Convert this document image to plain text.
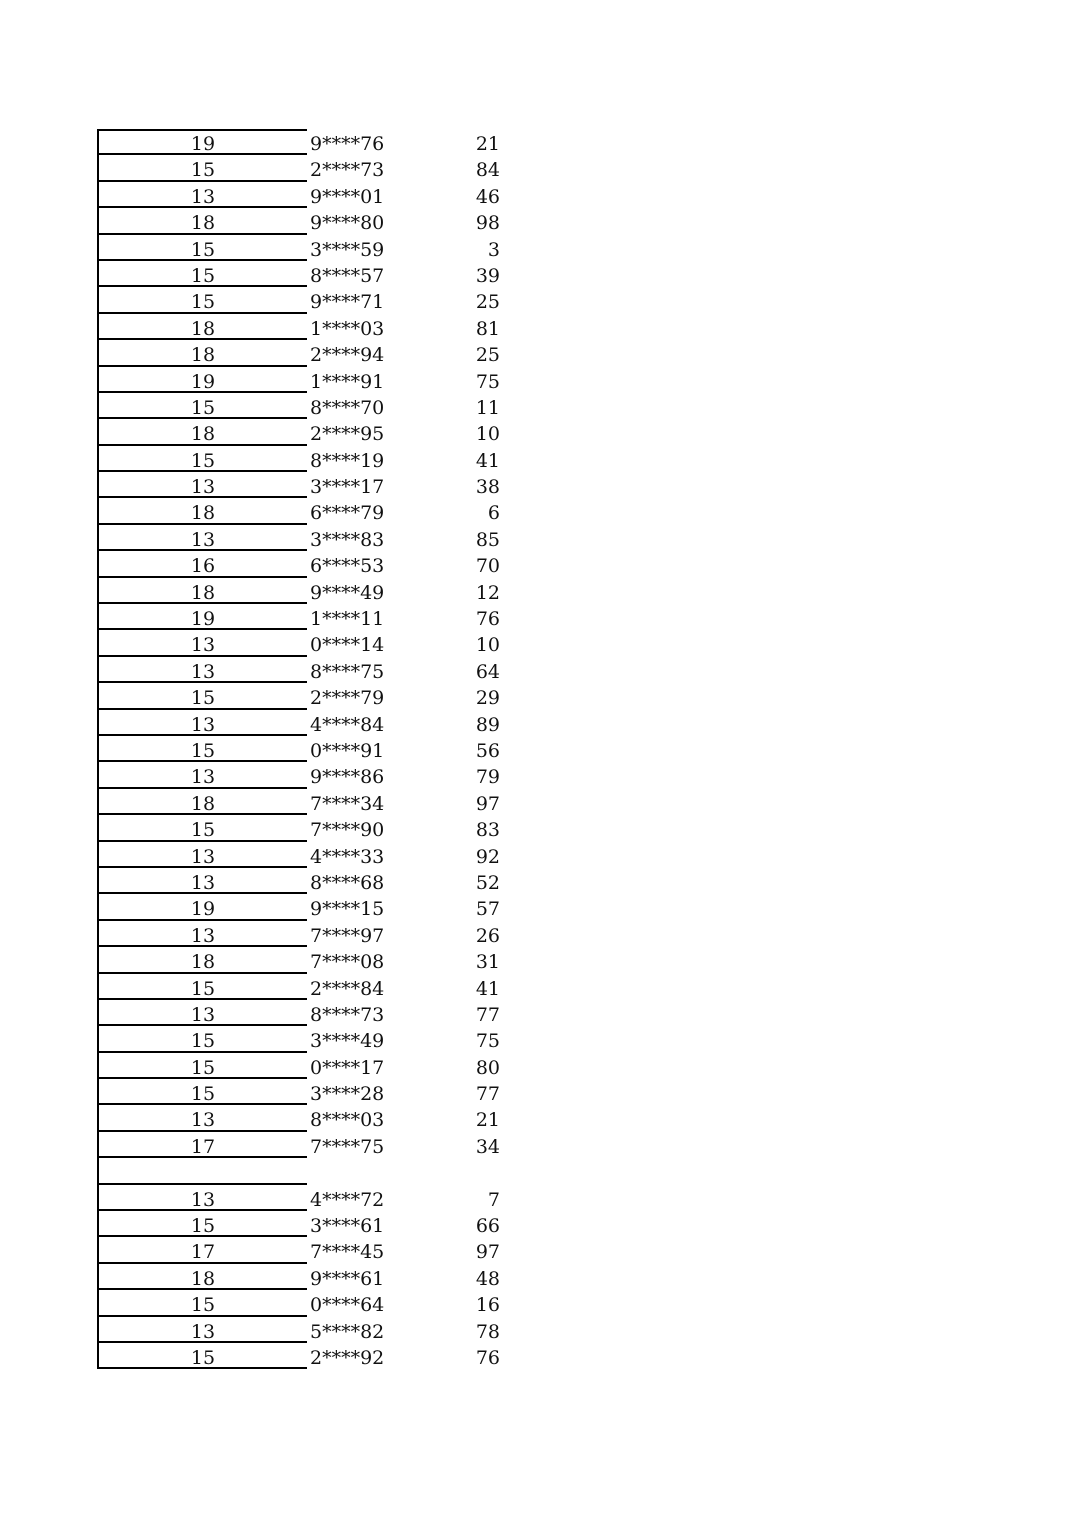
19	9****76	21
15	2****73	84
13	9****01	46
18	9****80	98
15	3****59	3
15	8****57	39
15	9****71	25
18	1****03	81
18	2****94	25
19	1****91	75
15	8****70	11
18	2****95	10
15	8****19	41
13	3****17	38
18	6****79	6
13	3****83	85
16	6****53	70
18	9****49	12
19	1****11	76
13	0****14	10
13	8****75	64
15	2****79	29
13	4****84	89
15	0****91	56
13	9****86	79
18	7****34	97
15	7****90	83
13	4****33	92
13	8****68	52
19	9****15	57
13	7****97	26
18	7****08	31
15	2****84	41
13	8****73	77
15	3****49	75
15	0****17	80
15	3****28	77
13	8****03	21
17	7****75	34
13	4****72	7
15	3****61	66
17	7****45	97
18	9****61	48
15	0****64	16
13	5****82	78
15	2****92	76
